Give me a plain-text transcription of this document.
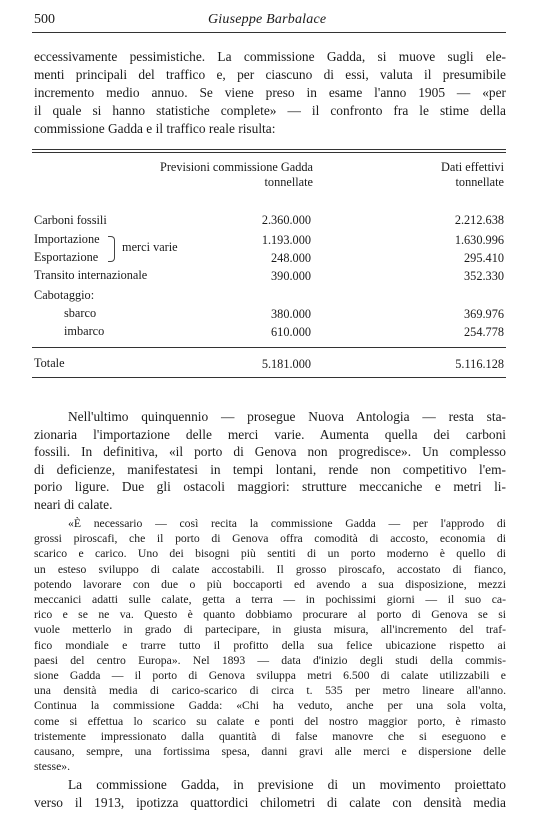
500	Giuseppe Barbalace
eccessivamente pessimistiche. La commissione Gadda, si muove sugli ele-
menti principali del traffico e, per ciascuno di essi, valuta il presumibile
incremento medio annuo. Se viene preso in esame l'anno 1905 — «per
il quale si hanno statistiche complete» — il confronto fra le stime della
commissione Gadda e il traffico reale risulta:
Previsioni commissione Gadda
tonnellate
Dati effettivi
tonnellate
Carboni fossili	2.360.000	2.212.638
Importazione	1.193.000	1.630.996
merci varie
Esportazione	248.000	295.410
Transito internazionale	390.000	352.330
Cabotaggio:
sbarco	380.000	369.976
imbarco	610.000	254.778
Totale	5.181.000	5.116.128
Nell'ultimo quinquennio — prosegue Nuova Antologia — resta sta-
zionaria l'importazione delle merci varie. Aumenta quella dei carboni
fossili. In definitiva, «il porto di Genova non progredisce». Un complesso
di deficienze, manifestatesi in tempi lontani, rende non competitivo l'em-
porio ligure. Due gli ostacoli maggiori: strutture meccaniche e metri li-
neari di calate.
«È necessario — così recita la commissione Gadda — per l'approdo di
grossi piroscafi, che il porto di Genova offra comodità di accosto, economia di
scarico e carico. Uno dei bisogni più sentiti di un porto moderno è quello di
un esteso sviluppo di calate accostabili. Il grosso piroscafo, accostato di fianco,
potendo lavorare con due o più boccaporti ed avendo a sua disposizione, mezzi
meccanici adatti sulle calate, getta a terra — in pochissimi giorni — il suo ca-
rico e se ne va. Questo è quanto dobbiamo procurare al porto di Genova se si
vuole metterlo in grado di partecipare, in giusta misura, all'incremento del traf-
fico mondiale e trarre tutto il profitto della sua felice ubicazione rispetto ai
paesi del centro Europa». Nel 1893 — data d'inizio degli studi della commis-
sione Gadda — il porto di Genova sviluppa metri 6.500 di calate utilizzabili e
una densità media di carico-scarico di circa t. 535 per metro lineare all'anno.
Continua la commissione Gadda: «Chi ha veduto, anche per una sola volta,
come si effettua lo scarico su calate e ponti del nostro maggior porto, è rimasto
tristemente impressionato dalla quantità di false manovre che si eseguono e
causano, sempre, una fortissima spesa, danni gravi alle merci e dispersione delle
stesse».
La commissione Gadda, in previsione di un movimento proiettato
verso il 1913, ipotizza quattordici chilometri di calate con densità media
